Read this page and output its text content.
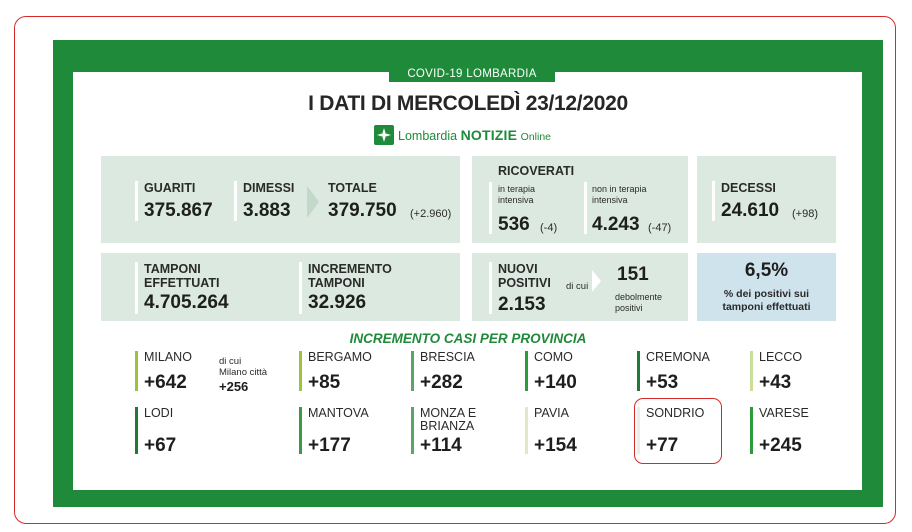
COVID-19 LOMBARDIA
I DATI DI MERCOLEDÌ 23/12/2020
Lombardia NOTIZIE Online
GUARITI
375.867
DIMESSI
3.883
TOTALE
379.750 (+2.960)
RICOVERATI
in terapia intensiva
536 (-4)
non in terapia intensiva
4.243 (-47)
DECESSI
24.610 (+98)
TAMPONI EFFETTUATI
4.705.264
INCREMENTO TAMPONI
32.926
NUOVI POSITIVI
2.153
di cui
151
debolmente positivi
6,5%
% dei positivi sui tamponi effettuati
INCREMENTO CASI PER PROVINCIA
MILANO
+642
di cui
Milano città
+256
BERGAMO
+85
BRESCIA
+282
COMO
+140
CREMONA
+53
LECCO
+43
LODI
+67
MANTOVA
+177
MONZA E BRIANZA
+114
PAVIA
+154
SONDRIO
+77
VARESE
+245
